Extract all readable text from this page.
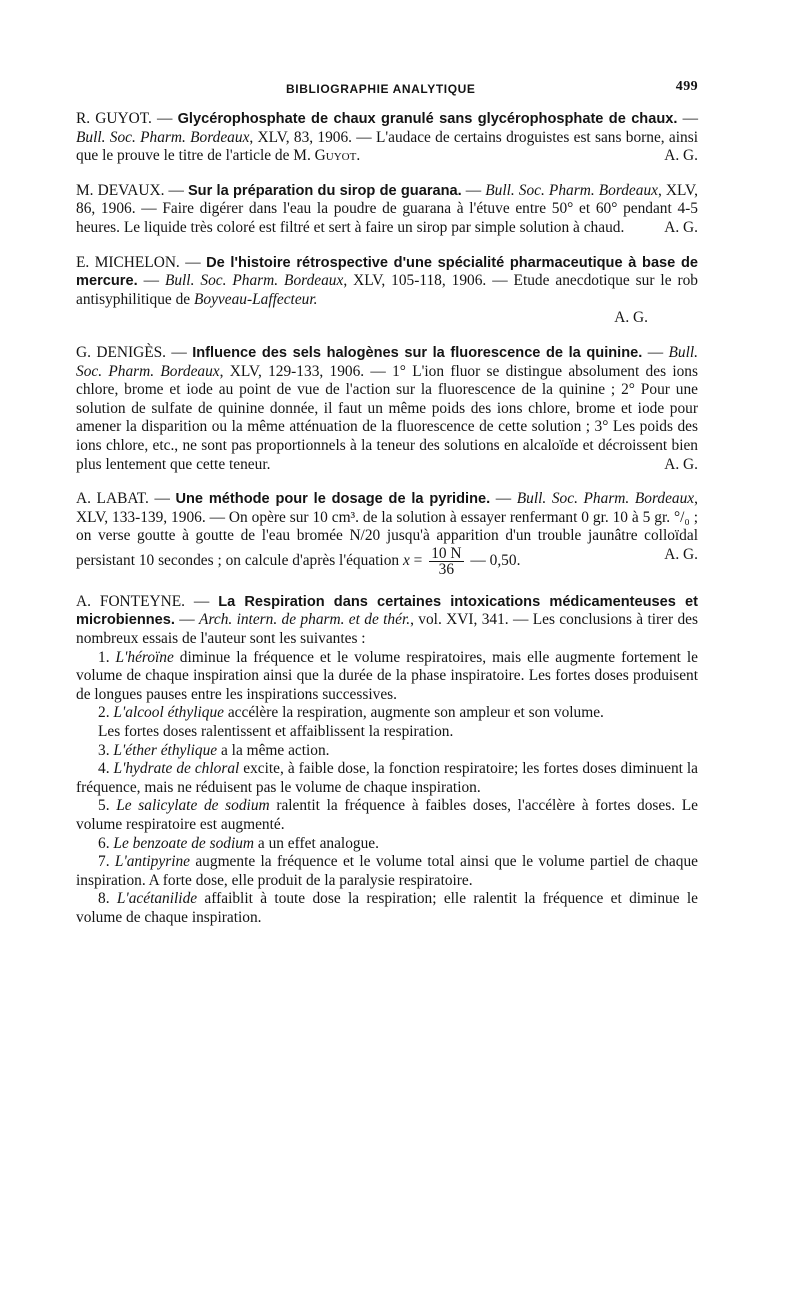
BIBLIOGRAPHIE ANALYTIQUE	499

R. GUYOT. — Glycérophosphate de chaux granulé sans glycérophosphate de chaux. — Bull. Soc. Pharm. Bordeaux, XLV, 83, 1906. — L'audace de certains droguistes est sans borne, ainsi que le prouve le titre de l'article de M. Guyot.	A. G.

M. DEVAUX. — Sur la préparation du sirop de guarana. — Bull. Soc. Pharm. Bordeaux, XLV, 86, 1906. — Faire digérer dans l'eau la poudre de guarana à l'étuve entre 50° et 60° pendant 4-5 heures. Le liquide très coloré est filtré et sert à faire un sirop par simple solution à chaud.	A. G.

E. MICHELON. — De l'histoire rétrospective d'une spécialité pharmaceutique à base de mercure. — Bull. Soc. Pharm. Bordeaux, XLV, 105-118, 1906. — Etude anecdotique sur le rob antisyphilitique de Boyveau-Laffecteur.

A. G.

G. DENIGÈS. — Influence des sels halogènes sur la fluorescence de la quinine. — Bull. Soc. Pharm. Bordeaux, XLV, 129-133, 1906. — 1° L'ion fluor se distingue absolument des ions chlore, brome et iode au point de vue de l'action sur la fluorescence de la quinine ; 2° Pour une solution de sulfate de quinine donnée, il faut un même poids des ions chlore, brome et iode pour amener la disparition ou la même atténuation de la fluorescence de cette solution ; 3° Les poids des ions chlore, etc., ne sont pas proportionnels à la teneur des solutions en alcaloïde et décroissent bien plus lentement que cette teneur.	A. G.

A. LABAT. — Une méthode pour le dosage de la pyridine. — Bull. Soc. Pharm. Bordeaux, XLV, 133-139, 1906. — On opère sur 10 cm³. de la solution à essayer renfermant 0 gr. 10 à 5 gr. °/₀ ; on verse goutte à goutte de l'eau bromée N/20 jusqu'à apparition d'un trouble jaunâtre colloïdal persistant 10 secondes ; on calcule d'après l'équation $x = \frac{10 N}{36}$ — 0,50.	A. G.

A. FONTEYNE. — La Respiration dans certaines intoxications médicamenteuses et microbiennes. — Arch. intern. de pharm. et de thér., vol. XVI, 341. — Les conclusions à tirer des nombreux essais de l'auteur sont les suivantes :

1. L'héroïne diminue la fréquence et le volume respiratoires, mais elle augmente fortement le volume de chaque inspiration ainsi que la durée de la phase inspiratoire. Les fortes doses produisent de longues pauses entre les inspirations successives.

2. L'alcool éthylique accélère la respiration, augmente son ampleur et son volume.

Les fortes doses ralentissent et affaiblissent la respiration.

3. L'éther éthylique a la même action.

4. L'hydrate de chloral excite, à faible dose, la fonction respiratoire; les fortes doses diminuent la fréquence, mais ne réduisent pas le volume de chaque inspiration.

5. Le salicylate de sodium ralentit la fréquence à faibles doses, l'accélère à fortes doses. Le volume respiratoire est augmenté.

6. Le benzoate de sodium a un effet analogue.

7. L'antipyrine augmente la fréquence et le volume total ainsi que le volume partiel de chaque inspiration. A forte dose, elle produit de la paralysie respiratoire.

8. L'acétanilide affaiblit à toute dose la respiration; elle ralentit la fréquence et diminue le volume de chaque inspiration.
